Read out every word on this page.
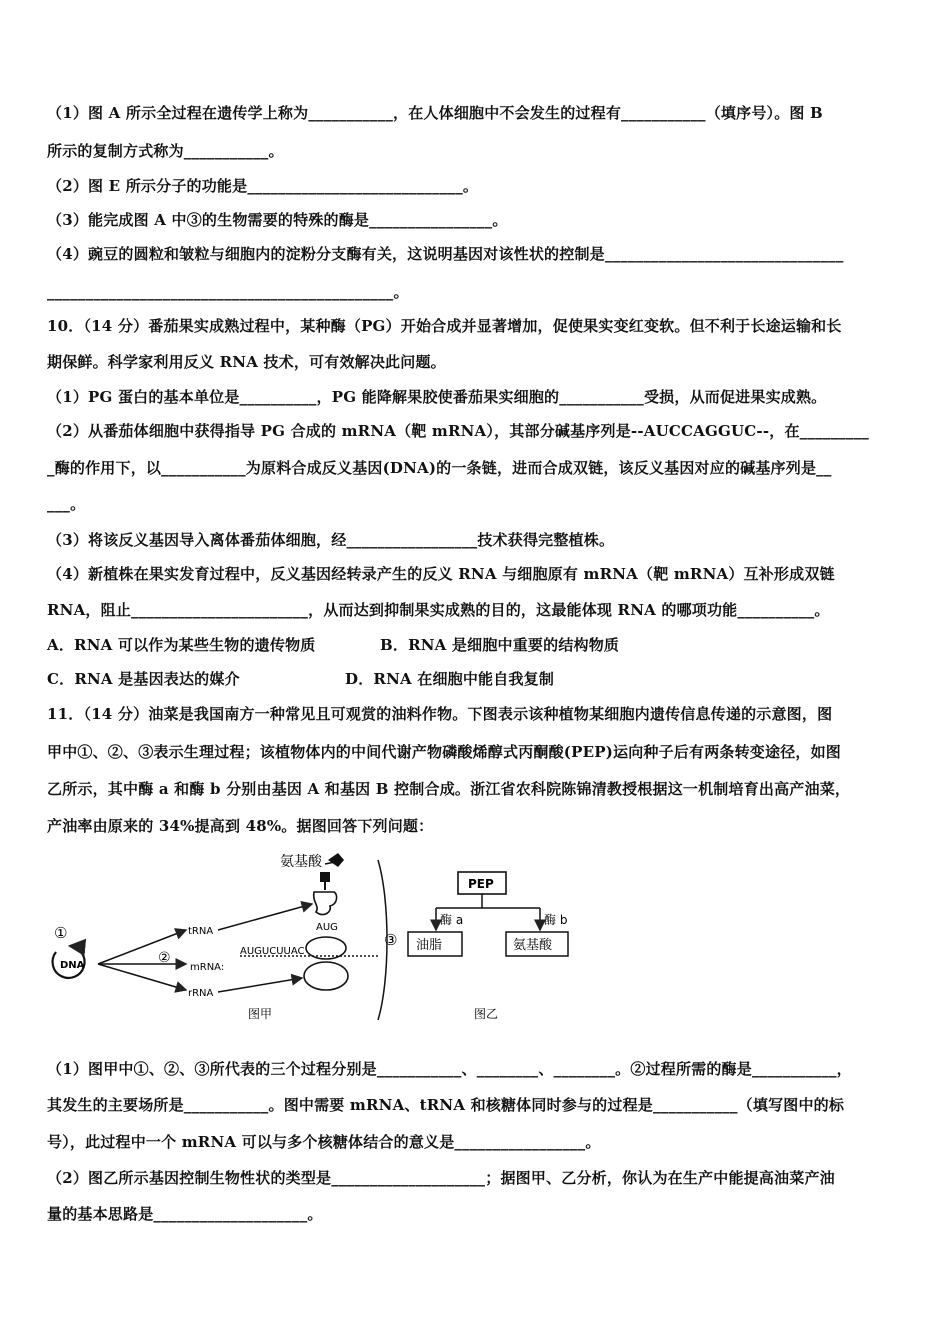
（1）图 A 所示全过程在遗传学上称为___________，在人体细胞中不会发生的过程有___________（填序号）。图 B
所示的复制方式称为___________。
（2）图 E 所示分子的功能是____________________________。
（3）能完成图 A 中③的生物需要的特殊的酶是________________。
（4）豌豆的圆粒和皱粒与细胞内的淀粉分支酶有关，这说明基因对该性状的控制是_______________________________
_____________________________________________。
10．（14 分）番茄果实成熟过程中，某种酶（PG）开始合成并显著增加，促使果实变红变软。但不利于长途运输和长
期保鲜。科学家利用反义 RNA 技术，可有效解决此问题。
（1）PG 蛋白的基本单位是__________，PG 能降解果胶使番茄果实细胞的___________受损，从而促进果实成熟。
（2）从番茄体细胞中获得指导 PG 合成的 mRNA（靶 mRNA），其部分碱基序列是--AUCCAGGUC--，在_________
_酶的作用下，以___________为原料合成反义基因(DNA)的一条链，进而合成双链，该反义基因对应的碱基序列是__
___。
（3）将该反义基因导入离体番茄体细胞，经_________________技术获得完整植株。
（4）新植株在果实发育过程中，反义基因经转录产生的反义 RNA 与细胞原有 mRNA（靶 mRNA）互补形成双链
RNA，阻止_______________________，从而达到抑制果实成熟的目的，这最能体现 RNA 的哪项功能__________。
A．RNA 可以作为某些生物的遗传物质	B．RNA 是细胞中重要的结构物质
C．RNA 是基因表达的媒介	D．RNA 在细胞中能自我复制
11．（14 分）油菜是我国南方一种常见且可观赏的油料作物。下图表示该种植物某细胞内遗传信息传递的示意图，图
甲中①、②、③表示生理过程；该植物体内的中间代谢产物磷酸烯醇式丙酮酸(PEP)运向种子后有两条转变途径，如图
乙所示，其中酶 a 和酶 b 分别由基因 A 和基因 B 控制合成。浙江省农科院陈锦清教授根据这一机制培育出高产油菜，
产油率由原来的 34%提高到 48%。据图回答下列问题：
氨基酸
AUG
①
DNA	②
tRNA
mRNA:
rRNA
AUGUCUUAC
③
图甲
PEP
酶 a	酶 b
油脂	氨基酸
图乙
（1）图甲中①、②、③所代表的三个过程分别是___________、________、________。②过程所需的酶是___________，
其发生的主要场所是___________。图中需要 mRNA、tRNA 和核糖体同时参与的过程是___________（填写图中的标
号），此过程中一个 mRNA 可以与多个核糖体结合的意义是_________________。
（2）图乙所示基因控制生物性状的类型是____________________；据图甲、乙分析，你认为在生产中能提高油菜产油
量的基本思路是____________________。
